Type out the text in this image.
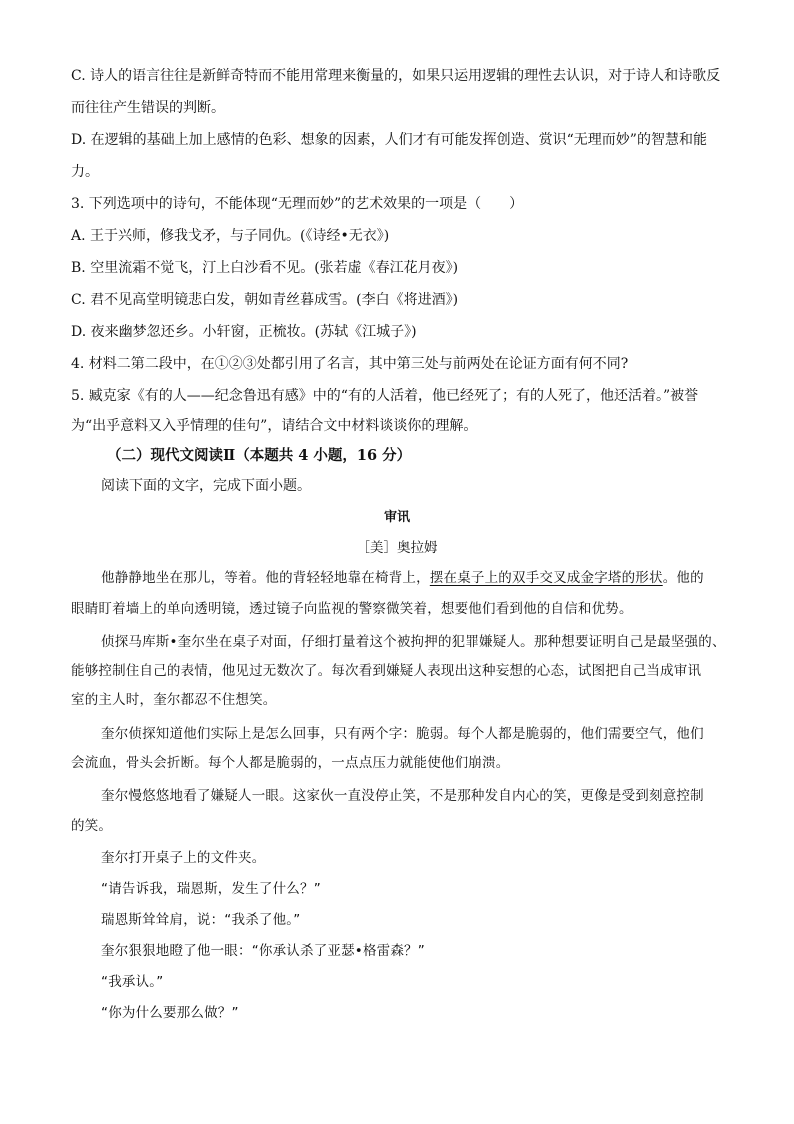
C. 诗人的语言往往是新鲜奇特而不能用常理来衡量的，如果只运用逻辑的理性去认识，对于诗人和诗歌反
而往往产生错误的判断。
D. 在逻辑的基础上加上感情的色彩、想象的因素，人们才有可能发挥创造、赏识“无理而妙”的智慧和能
力。
3. 下列选项中的诗句，不能体现“无理而妙”的艺术效果的一项是（　　）
A. 王于兴师，修我戈矛，与子同仇。(《诗经•无衣》)
B. 空里流霜不觉飞，汀上白沙看不见。(张若虚《春江花月夜》)
C. 君不见高堂明镜悲白发，朝如青丝暮成雪。(李白《将进酒》)
D. 夜来幽梦忽还乡。小轩窗，正梳妆。(苏轼《江城子》)
4. 材料二第二段中，在①②③处都引用了名言，其中第三处与前两处在论证方面有何不同?
5. 臧克家《有的人——纪念鲁迅有感》中的“有的人活着，他已经死了；有的人死了，他还活着。”被誉
为“出乎意料又入乎情理的佳句”，请结合文中材料谈谈你的理解。
（二）现代文阅读Ⅱ（本题共 4 小题，16 分）
阅读下面的文字，完成下面小题。
审讯
［美］奥拉姆
他静静地坐在那儿，等着。他的背轻轻地靠在椅背上，摆在桌子上的双手交叉成金字塔的形状。他的
眼睛盯着墙上的单向透明镜，透过镜子向监视的警察微笑着，想要他们看到他的自信和优势。
侦探马库斯•奎尔坐在桌子对面，仔细打量着这个被拘押的犯罪嫌疑人。那种想要证明自己是最坚强的、
能够控制住自己的表情，他见过无数次了。每次看到嫌疑人表现出这种妄想的心态，试图把自己当成审讯
室的主人时，奎尔都忍不住想笑。
奎尔侦探知道他们实际上是怎么回事，只有两个字：脆弱。每个人都是脆弱的，他们需要空气，他们
会流血，骨头会折断。每个人都是脆弱的，一点点压力就能使他们崩溃。
奎尔慢悠悠地看了嫌疑人一眼。这家伙一直没停止笑，不是那种发自内心的笑，更像是受到刻意控制
的笑。
奎尔打开桌子上的文件夹。
“请告诉我，瑞恩斯，发生了什么？”
瑞恩斯耸耸肩，说：“我杀了他。”
奎尔狠狠地瞪了他一眼：“你承认杀了亚瑟•格雷森？”
“我承认。”
“你为什么要那么做？”
